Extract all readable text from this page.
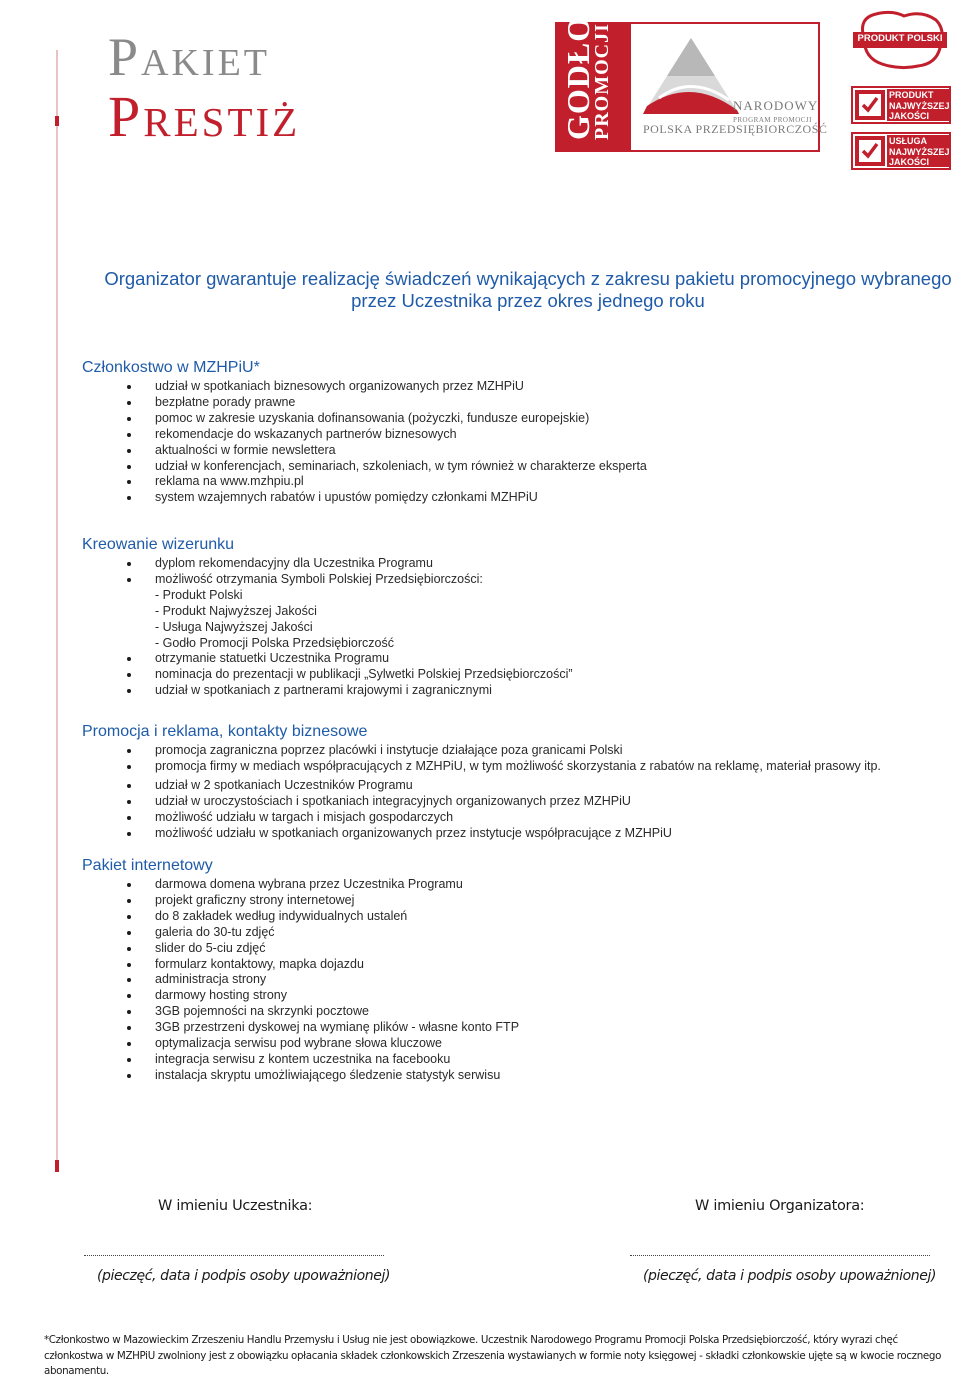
Pakiet
Prestiż	GODŁO
PROMOCJI	NARODOWY
PROGRAM PROMOCJI
POLSKA PRZEDSIĘBIORCZOŚĆ
PRODUKT POLSKI
PRODUKT NAJWYŻSZEJ JAKOŚCI
USŁUGA NAJWYŻSZEJ JAKOŚCI
Organizator gwarantuje realizację świadczeń wynikających z zakresu pakietu promocyjnego wybranego przez Uczestnika przez okres jednego roku
Członkostwo w MZHPiU*
udział w spotkaniach biznesowych organizowanych przez MZHPiU
bezpłatne porady prawne
pomoc w zakresie uzyskania dofinansowania (pożyczki, fundusze europejskie)
rekomendacje do wskazanych partnerów biznesowych
aktualności w formie newslettera
udział w konferencjach, seminariach, szkoleniach, w tym również w charakterze eksperta
reklama na www.mzhpiu.pl
system wzajemnych rabatów i upustów pomiędzy członkami MZHPiU
Kreowanie wizerunku
dyplom rekomendacyjny dla Uczestnika Programu
możliwość otrzymania Symboli Polskiej Przedsiębiorczości:
- Produkt Polski
- Produkt Najwyższej Jakości
- Usługa Najwyższej Jakości
- Godło Promocji Polska Przedsiębiorczość
otrzymanie statuetki Uczestnika Programu
nominacja do prezentacji w publikacji „Sylwetki Polskiej Przedsiębiorczości”
udział w spotkaniach z partnerami krajowymi i zagranicznymi
Promocja i reklama, kontakty biznesowe
promocja zagraniczna poprzez placówki i instytucje działające poza granicami Polski
promocja firmy w mediach współpracujących z MZHPiU, w tym możliwość skorzystania z rabatów na reklamę, materiał prasowy itp.
udział w 2 spotkaniach Uczestników Programu
udział w uroczystościach i spotkaniach integracyjnych organizowanych przez MZHPiU
możliwość udziału w targach i misjach gospodarczych
możliwość udziału w spotkaniach organizowanych przez instytucje współpracujące z MZHPiU
Pakiet internetowy
darmowa domena wybrana przez Uczestnika Programu
projekt graficzny strony internetowej
do 8 zakładek według indywidualnych ustaleń
galeria do 30-tu zdjęć
slider do 5-ciu zdjęć
formularz kontaktowy, mapka dojazdu
administracja strony
darmowy hosting strony
3GB pojemności na skrzynki pocztowe
3GB przestrzeni dyskowej na wymianę plików - własne konto FTP
optymalizacja serwisu pod wybrane słowa kluczowe
integracja serwisu z kontem uczestnika na facebooku
instalacja skryptu umożliwiającego śledzenie statystyk serwisu
W imieniu Uczestnika:	W imieniu Organizatora:
(pieczęć, data i podpis osoby upoważnionej)	(pieczęć, data i podpis osoby upoważnionej)
*Członkostwo w Mazowieckim Zrzeszeniu Handlu Przemysłu i Usług nie jest obowiązkowe. Uczestnik Narodowego Programu Promocji Polska Przedsiębiorczość, który wyrazi chęć członkostwa w MZHPiU zwolniony jest z obowiązku opłacania składek członkowskich Zrzeszenia wystawianych w formie noty księgowej - składki członkowskie ujęte są w kwocie rocznego abonamentu.
